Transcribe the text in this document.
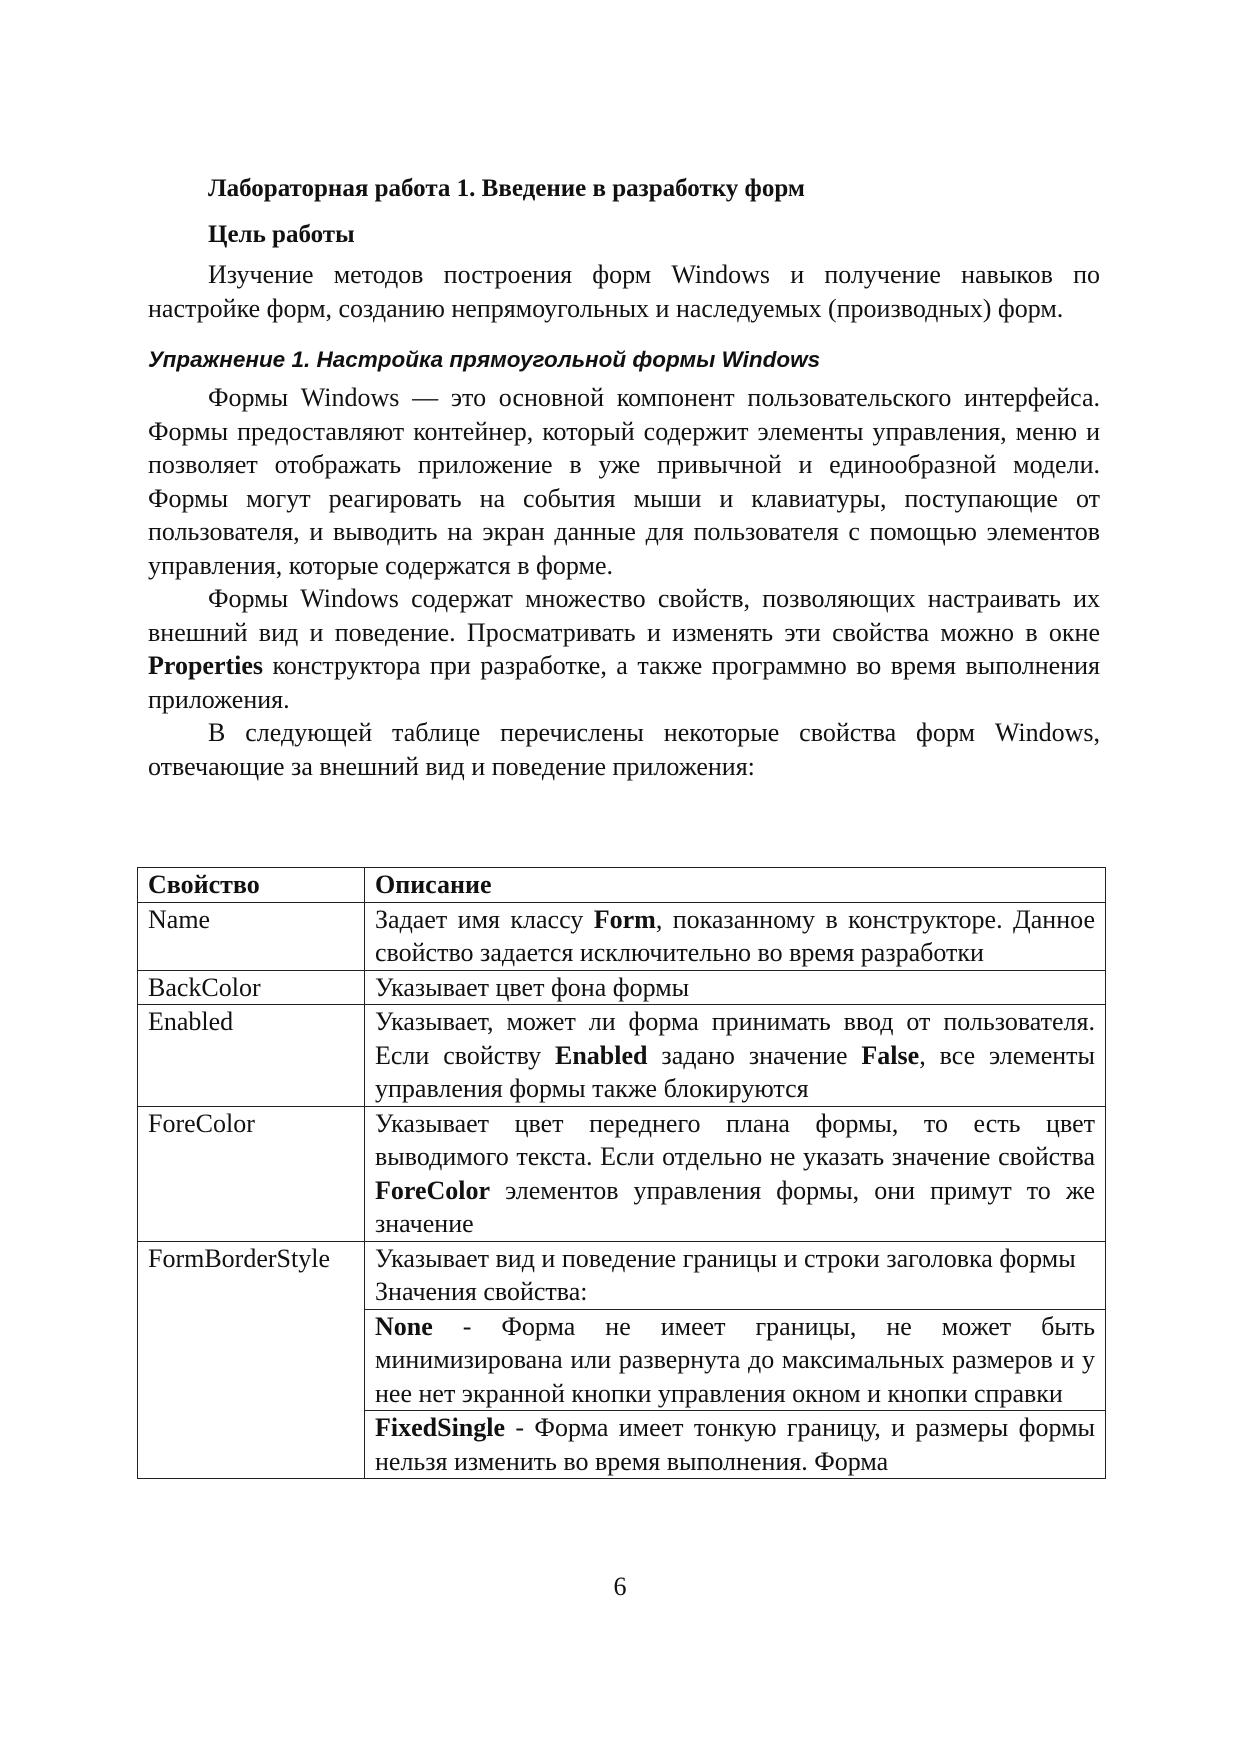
Лабораторная работа 1. Введение в разработку форм
Цель работы

Изучение методов построения форм Windows и получение навыков по настройке форм, созданию непрямоугольных и наследуемых (производных) форм.

Упражнение 1. Настройка прямоугольной формы Windows

Формы Windows — это основной компонент пользовательского интерфейса. Формы предоставляют контейнер, который содержит элементы управления, меню и позволяет отображать приложение в уже привычной и единообразной модели. Формы могут реагировать на события мыши и клавиатуры, поступающие от пользователя, и выводить на экран данные для пользователя с помощью элементов управления, которые содержатся в форме.

Формы Windows содержат множество свойств, позволяющих настраивать их внешний вид и поведение. Просматривать и изменять эти свойства можно в окне Properties конструктора при разработке, а также программно во время выполнения приложения.

В следующей таблице перечислены некоторые свойства форм Windows, отвечающие за внешний вид и поведение приложения:

Свойство	Описание
Name	Задает имя классу Form, показанному в конструкторе. Данное свойство задается исключительно во время разработки
BackColor	Указывает цвет фона формы
Enabled	Указывает, может ли форма принимать ввод от пользователя. Если свойству Enabled задано значение False, все элементы управления формы также блокируются
ForeColor	Указывает цвет переднего плана формы, то есть цвет выводимого текста. Если отдельно не указать значение свойства ForeColor элементов управления формы, они примут то же значение
FormBorderStyle	Указывает вид и поведение границы и строки заголовка формы
Значения свойства:

	None - Форма не имеет границы, не может быть минимизирована или развернута до максимальных размеров и у нее нет экранной кнопки управления окном и кнопки справки
	FixedSingle - Форма имеет тонкую границу, и размеры формы нельзя изменить во время выполнения. Форма
6
